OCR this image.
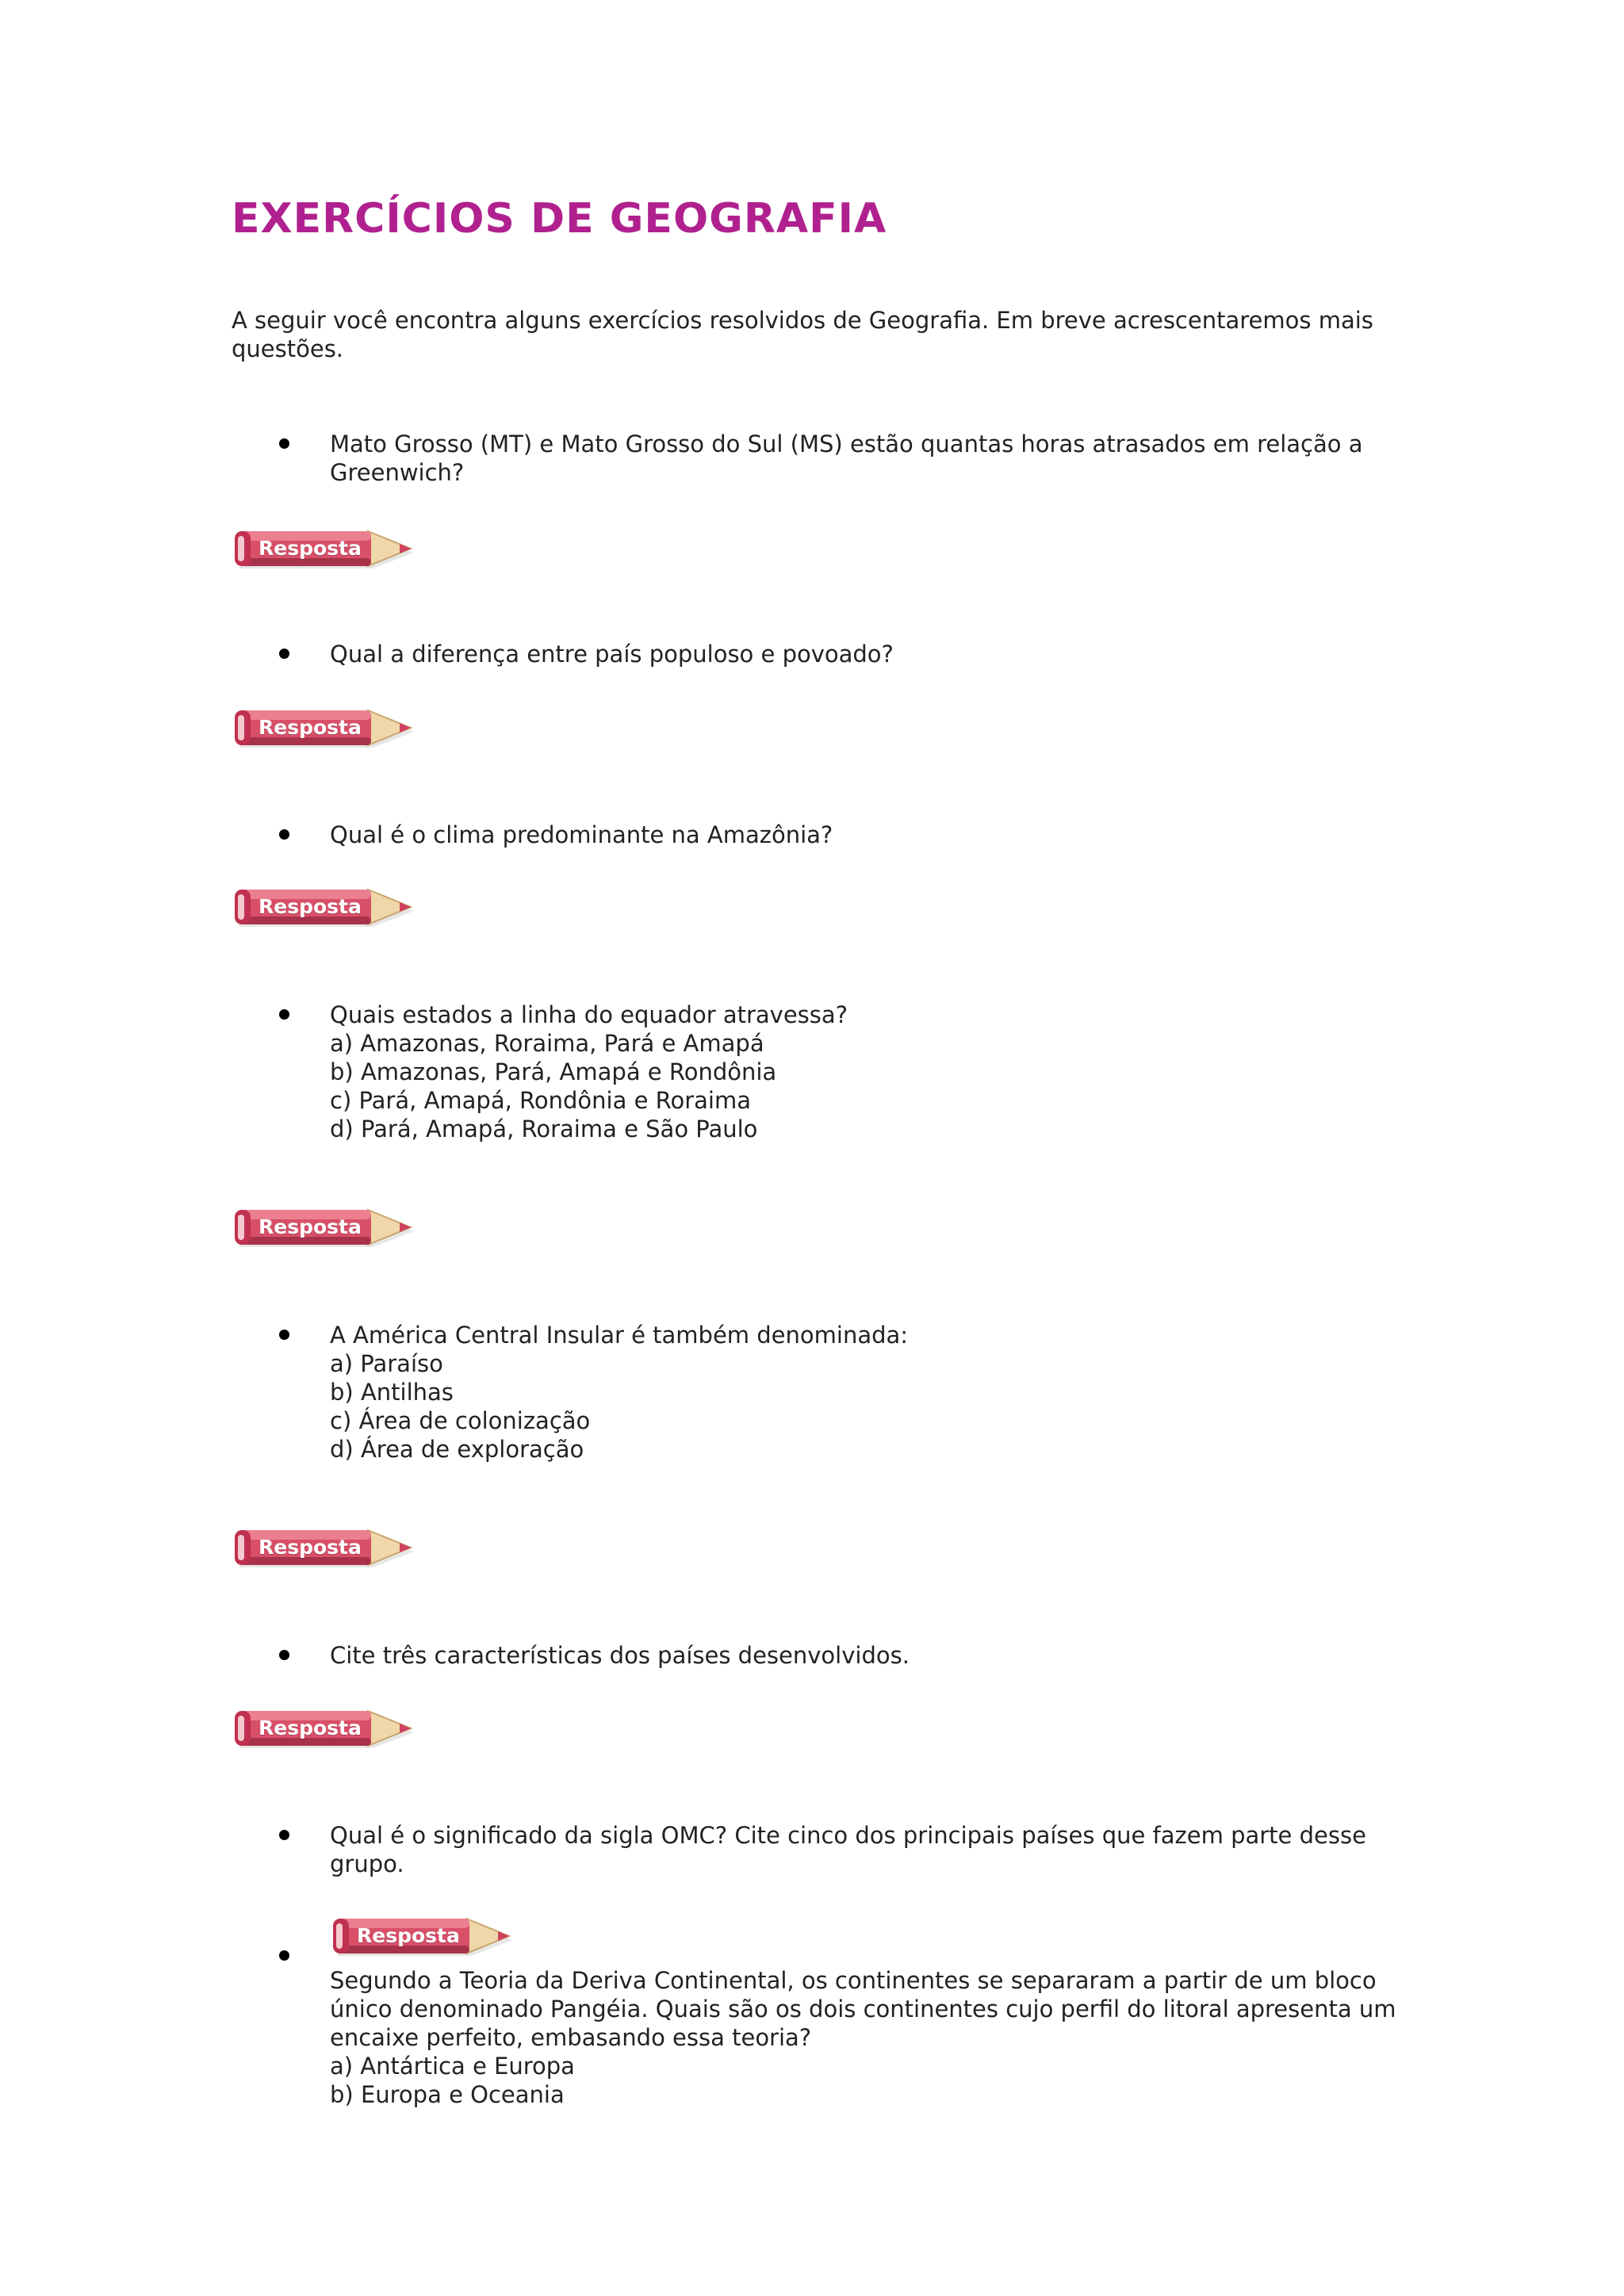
EXERCÍCIOS DE GEOGRAFIA

A seguir você encontra alguns exercícios resolvidos de Geografia. Em breve acrescentaremos mais questões.

Mato Grosso (MT) e Mato Grosso do Sul (MS) estão quantas horas atrasados em relação a Greenwich?

Resposta

Qual a diferença entre país populoso e povoado?

Resposta

Qual é o clima predominante na Amazônia?

Resposta

Quais estados a linha do equador atravessa?

a) Amazonas, Roraima, Pará e Amapá

b) Amazonas, Pará, Amapá e Rondônia

c) Pará, Amapá, Rondônia e Roraima

d) Pará, Amapá, Roraima e São Paulo

Resposta

A América Central Insular é também denominada:

a) Paraíso

b) Antilhas

c) Área de colonização

d) Área de exploração

Resposta

Cite três características dos países desenvolvidos.

Resposta

Qual é o significado da sigla OMC? Cite cinco dos principais países que fazem parte desse grupo.

Resposta

Segundo a Teoria da Deriva Continental, os continentes se separaram a partir de um bloco único denominado Pangéia. Quais são os dois continentes cujo perfil do litoral apresenta um encaixe perfeito, embasando essa teoria?

a) Antártica e Europa

b) Europa e Oceania
